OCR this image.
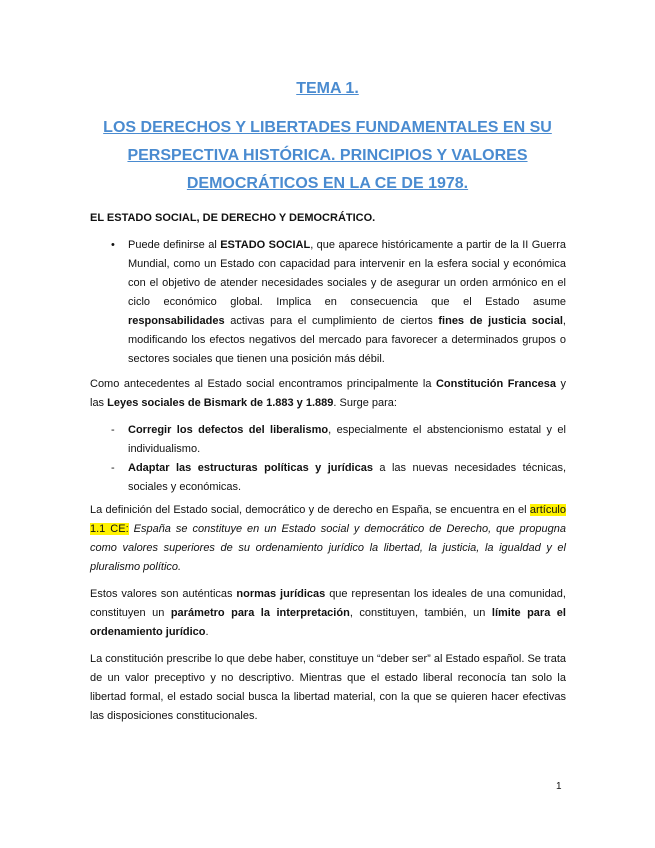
TEMA 1.
LOS DERECHOS Y LIBERTADES FUNDAMENTALES EN SU PERSPECTIVA HISTÓRICA. PRINCIPIOS Y VALORES DEMOCRÁTICOS EN LA CE DE 1978.
EL ESTADO SOCIAL, DE DERECHO Y DEMOCRÁTICO.
• Puede definirse al ESTADO SOCIAL, que aparece históricamente a partir de la II Guerra Mundial, como un Estado con capacidad para intervenir en la esfera social y económica con el objetivo de atender necesidades sociales y de asegurar un orden armónico en el ciclo económico global. Implica en consecuencia que el Estado asume responsabilidades activas para el cumplimiento de ciertos fines de justicia social, modificando los efectos negativos del mercado para favorecer a determinados grupos o sectores sociales que tienen una posición más débil.

Como antecedentes al Estado social encontramos principalmente la Constitución Francesa y las Leyes sociales de Bismark de 1.883 y 1.889. Surge para:

- Corregir los defectos del liberalismo, especialmente el abstencionismo estatal y el individualismo.
- Adaptar las estructuras políticas y jurídicas a las nuevas necesidades técnicas, sociales y económicas.

La definición del Estado social, democrático y de derecho en España, se encuentra en el artículo 1.1 CE: España se constituye en un Estado social y democrático de Derecho, que propugna como valores superiores de su ordenamiento jurídico la libertad, la justicia, la igualdad y el pluralismo político.

Estos valores son auténticas normas jurídicas que representan los ideales de una comunidad, constituyen un parámetro para la interpretación, constituyen, también, un límite para el ordenamiento jurídico.

La constitución prescribe lo que debe haber, constituye un “deber ser” al Estado español. Se trata de un valor preceptivo y no descriptivo. Mientras que el estado liberal reconocía tan solo la libertad formal, el estado social busca la libertad material, con la que se quieren hacer efectivas las disposiciones constitucionales.

1
